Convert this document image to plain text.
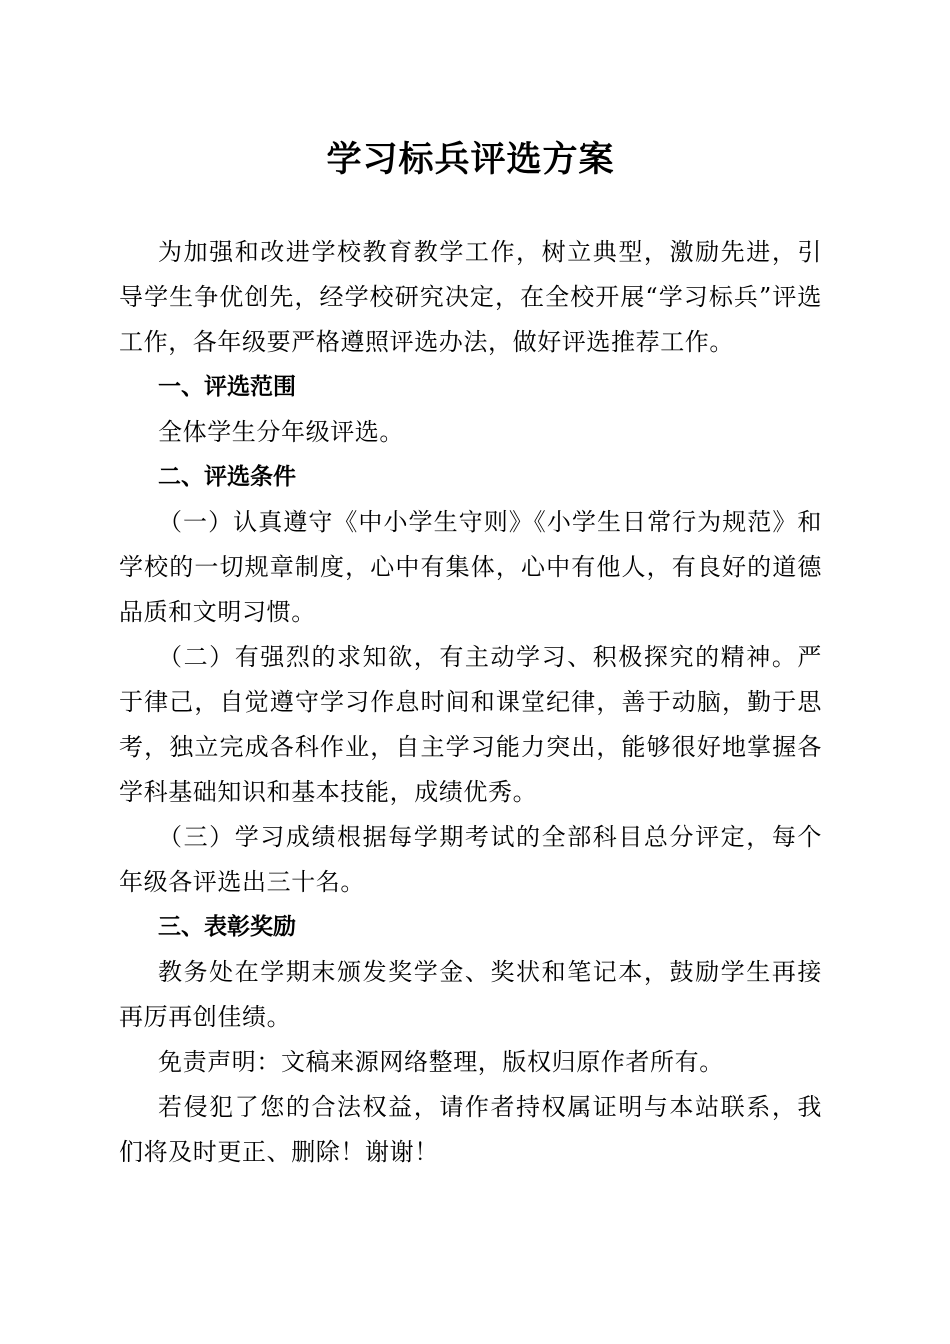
学习标兵评选方案

为加强和改进学校教育教学工作，树立典型，激励先进，引导学生争优创先，经学校研究决定，在全校开展“学习标兵”评选工作，各年级要严格遵照评选办法，做好评选推荐工作。

一、评选范围

全体学生分年级评选。

二、评选条件

（一）认真遵守《中小学生守则》《小学生日常行为规范》和学校的一切规章制度，心中有集体，心中有他人，有良好的道德品质和文明习惯。

（二）有强烈的求知欲，有主动学习、积极探究的精神。严于律己，自觉遵守学习作息时间和课堂纪律，善于动脑，勤于思考，独立完成各科作业，自主学习能力突出，能够很好地掌握各学科基础知识和基本技能，成绩优秀。

（三）学习成绩根据每学期考试的全部科目总分评定，每个年级各评选出三十名。

三、表彰奖励

教务处在学期末颁发奖学金、奖状和笔记本，鼓励学生再接再厉再创佳绩。

免责声明：文稿来源网络整理，版权归原作者所有。

若侵犯了您的合法权益，请作者持权属证明与本站联系，我们将及时更正、删除！谢谢！
